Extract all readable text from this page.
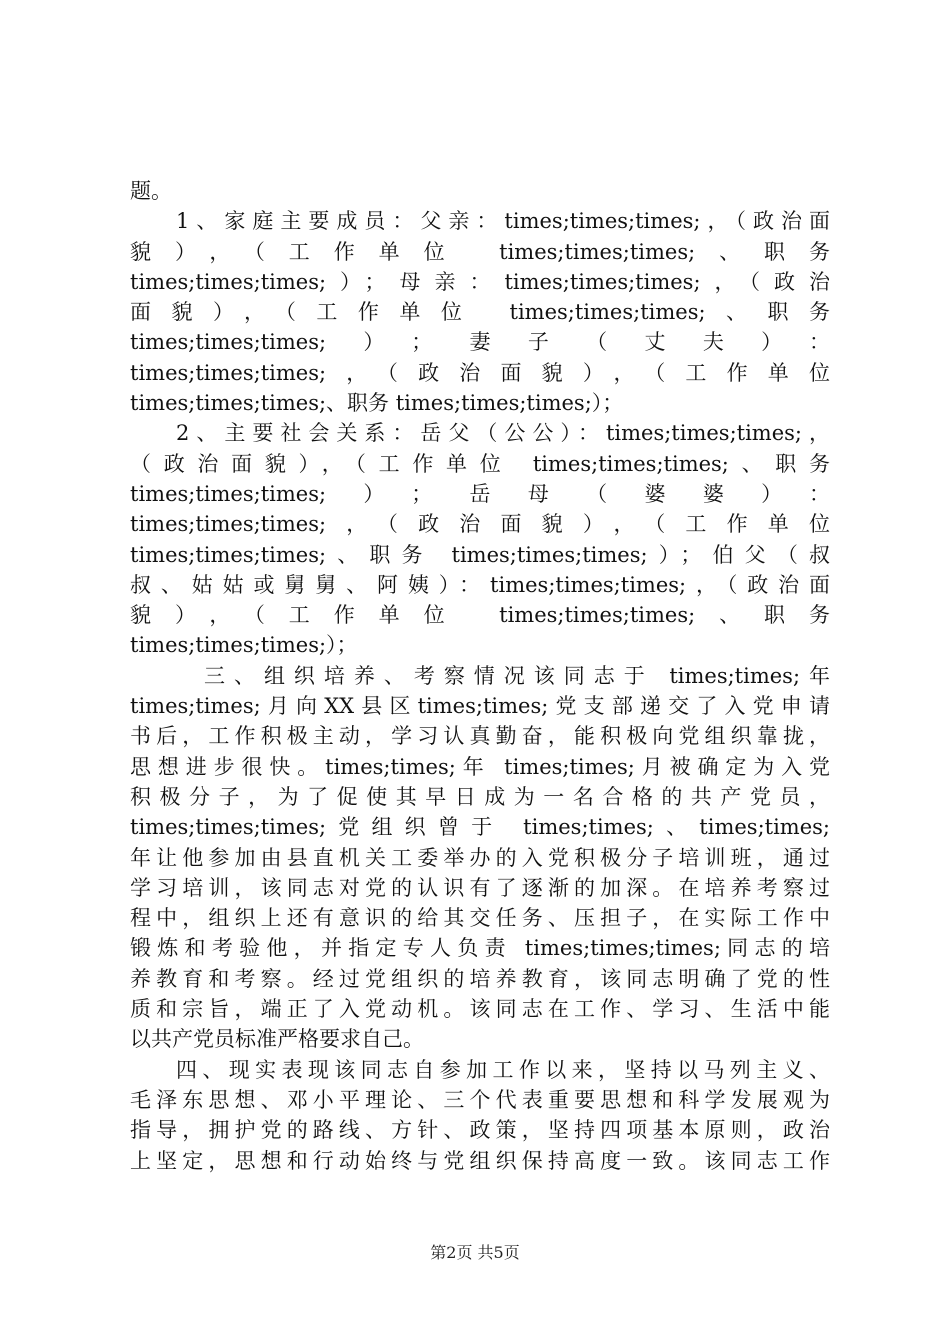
题。
1、家庭主要成员：父亲：times;times;times;，（政治面
貌），（工作单位 times;times;times;、职务
times;times;times;）；母亲：times;times;times;，（政治
面貌），（工作单位 times;times;times;、职务
times;times;times;）；妻子（丈夫）：
times;times;times;，（政治面貌），（工作单位
times;times;times;、职务 times;times;times;）；
2、主要社会关系：岳父（公公）：times;times;times;，
（政治面貌），（工作单位 times;times;times;、职务
times;times;times;）；岳母（婆婆）：
times;times;times;，（政治面貌），（工作单位
times;times;times;、职务 times;times;times;）；伯父（叔
叔、姑姑或舅舅、阿姨）：times;times;times;，（政治面
貌），（工作单位 times;times;times;、职务
times;times;times;）；
三、组织培养、考察情况该同志于 times;times;年
times;times;月向XX县区times;times;党支部递交了入党申请
书后，工作积极主动，学习认真勤奋，能积极向党组织靠拢，
思想进步很快。times;times;年 times;times;月被确定为入党
积极分子，为了促使其早日成为一名合格的共产党员，
times;times;times;党组织曾于 times;times;、times;times;
年让他参加由县直机关工委举办的入党积极分子培训班，通过
学习培训，该同志对党的认识有了逐渐的加深。在培养考察过
程中，组织上还有意识的给其交任务、压担子，在实际工作中
锻炼和考验他，并指定专人负责 times;times;times;同志的培
养教育和考察。经过党组织的培养教育，该同志明确了党的性
质和宗旨，端正了入党动机。该同志在工作、学习、生活中能
以共产党员标准严格要求自己。
四、现实表现该同志自参加工作以来，坚持以马列主义、
毛泽东思想、邓小平理论、三个代表重要思想和科学发展观为
指导，拥护党的路线、方针、政策，坚持四项基本原则，政治
上坚定，思想和行动始终与党组织保持高度一致。该同志工作
第2页 共5页
